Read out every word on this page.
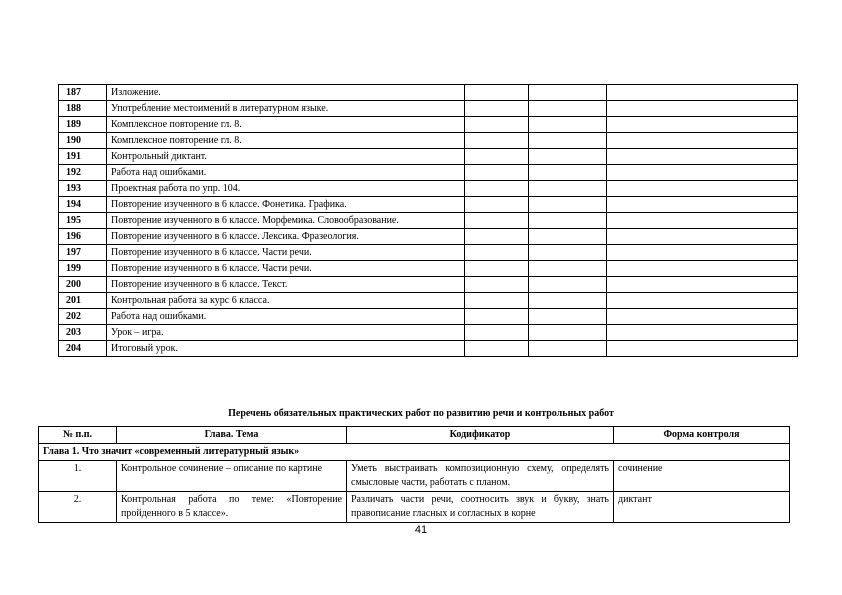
187	Изложение.			
188	Употребление местоимений в литературном языке.			
189	Комплексное повторение гл. 8.			
190	Комплексное повторение гл. 8.			
191	Контрольный диктант.			
192	Работа над ошибками.			
193	Проектная работа по упр. 104.			
194	Повторение изученного в 6 классе. Фонетика. Графика.			
195	Повторение изученного в 6 классе. Морфемика. Словообразование.			
196	Повторение изученного в 6 классе. Лексика. Фразеология.			
197	Повторение изученного в 6 классе. Части речи.			
199	Повторение изученного в 6 классе. Части речи.			
200	Повторение изученного в 6 классе. Текст.			
201	Контрольная работа за курс 6 класса.			
202	Работа над ошибками.			
203	Урок – игра.			
204	Итоговый урок.			
Перечень обязательных практических работ по развитию речи и контрольных работ
№ п.п.	Глава. Тема	Кодификатор	Форма контроля
Глава 1. Что значит «современный литературный язык»			
1.	Контрольное сочинение – описание по картине	Уметь выстраивать композиционную схему, определять смысловые части, работать с планом.	сочинение
2.	Контрольная работа по теме: «Повторение пройденного в 5 классе».	Различать части речи, соотносить звук и букву, знать правописание гласных и согласных в корне	диктант
41
